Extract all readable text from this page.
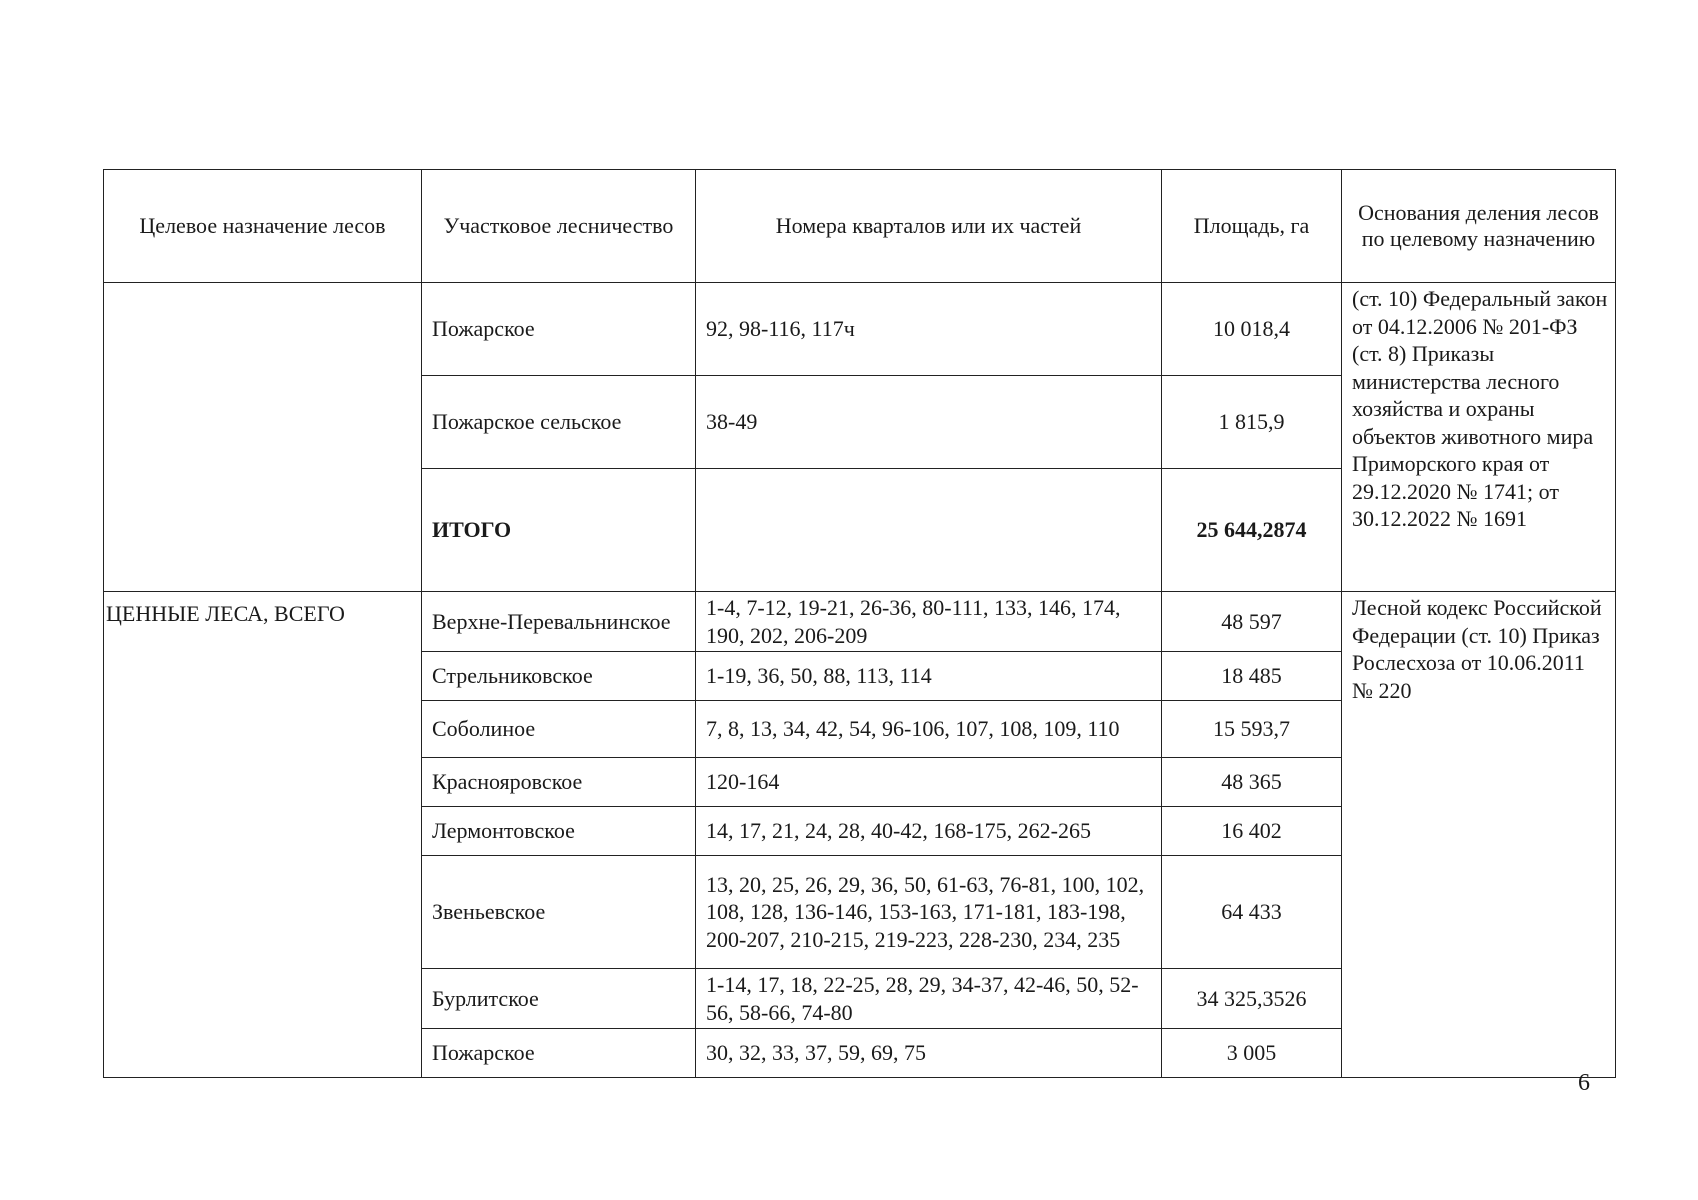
Целевое назначение лесов	Участковое лесничество	Номера кварталов или их частей	Площадь, га	Основания деления лесов по целевому назначению
	Пожарское	92, 98-116, 117ч	10 018,4	(ст. 10) Федеральный закон от 04.12.2006 № 201-ФЗ (ст. 8) Приказы министерства лесного хозяйства и охраны объектов животного мира Приморского края от 29.12.2020 № 1741; от 30.12.2022 № 1691
	Пожарское сельское	38-49	1 815,9	
	ИТОГО		25 644,2874	
ЦЕННЫЕ ЛЕСА, ВСЕГО	Верхне-Перевальнинское	1-4, 7-12, 19-21, 26-36, 80-111, 133, 146, 174, 190, 202, 206-209	48 597	Лесной кодекс Российской Федерации (ст. 10) Приказ Рослесхоза от 10.06.2011 № 220
	Стрельниковское	1-19, 36, 50, 88, 113, 114	18 485	
	Соболиное	7, 8, 13, 34, 42, 54, 96-106, 107, 108, 109, 110	15 593,7	
	Краснояровское	120-164	48 365	
	Лермонтовское	14, 17, 21, 24, 28, 40-42, 168-175, 262-265	16 402	
	Звеньевское	13, 20, 25, 26, 29, 36, 50, 61-63, 76-81, 100, 102, 108, 128, 136-146, 153-163, 171-181, 183-198, 200-207, 210-215, 219-223, 228-230, 234, 235	64 433	
	Бурлитское	1-14, 17, 18, 22-25, 28, 29, 34-37, 42-46, 50, 52-56, 58-66, 74-80	34 325,3526	
	Пожарское	30, 32, 33, 37, 59, 69, 75	3 005	
6
